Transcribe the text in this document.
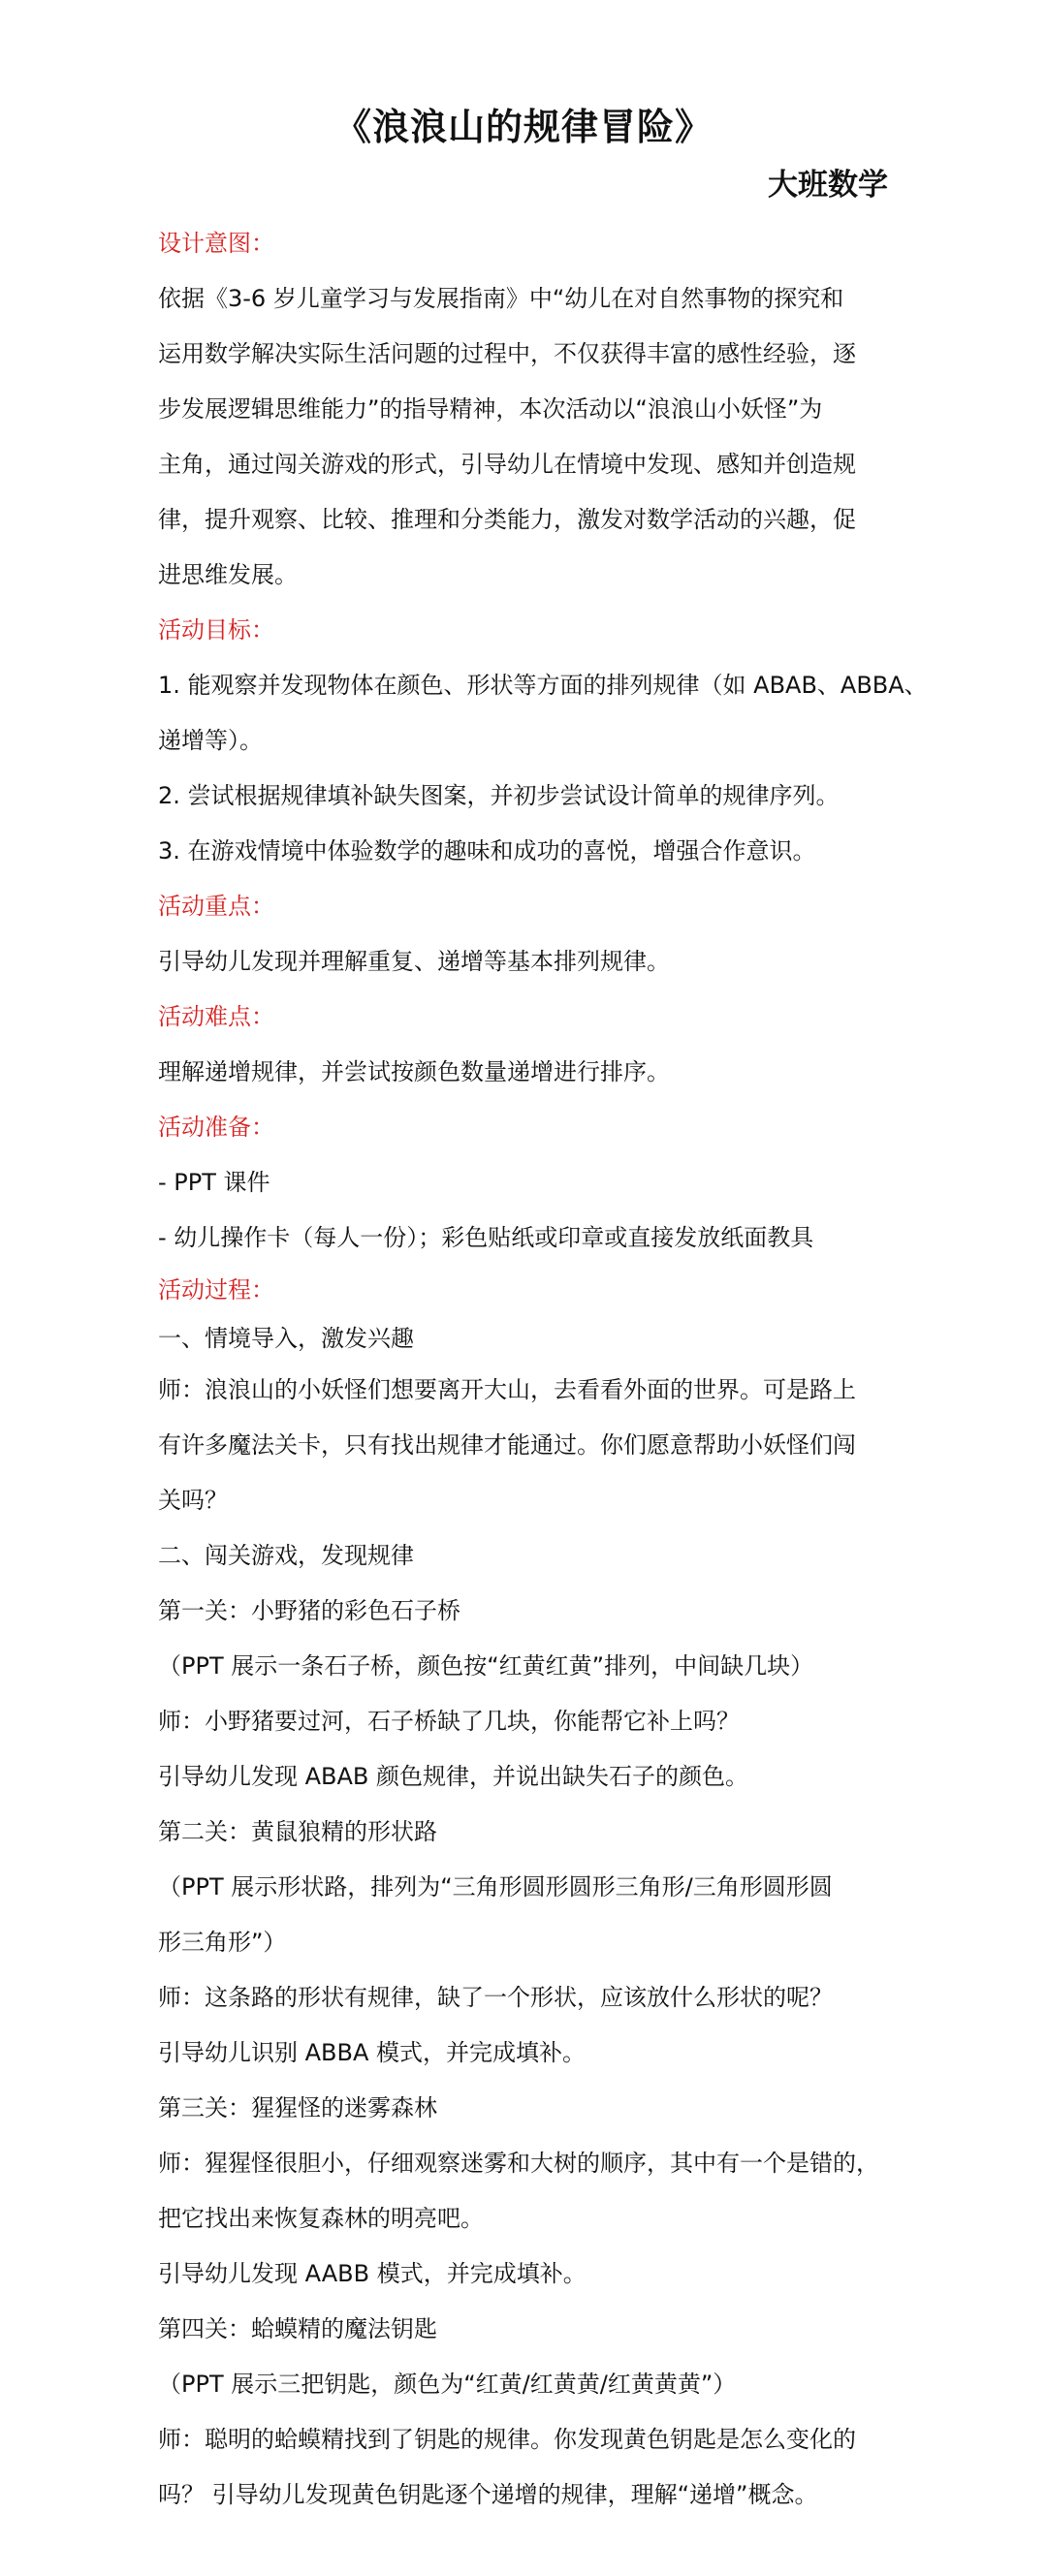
《浪浪山的规律冒险》
大班数学

设计意图：

依据《3-6 岁儿童学习与发展指南》中“幼儿在对自然事物的探究和

运用数学解决实际生活问题的过程中，不仅获得丰富的感性经验，逐

步发展逻辑思维能力”的指导精神，本次活动以“浪浪山小妖怪”为

主角，通过闯关游戏的形式，引导幼儿在情境中发现、感知并创造规

律，提升观察、比较、推理和分类能力，激发对数学活动的兴趣，促

进思维发展。

活动目标：

1. 能观察并发现物体在颜色、形状等方面的排列规律（如 ABAB、ABBA、

递增等）。

2. 尝试根据规律填补缺失图案，并初步尝试设计简单的规律序列。

3. 在游戏情境中体验数学的趣味和成功的喜悦，增强合作意识。

活动重点：

引导幼儿发现并理解重复、递增等基本排列规律。

活动难点：

理解递增规律，并尝试按颜色数量递增进行排序。

活动准备：

- PPT 课件

- 幼儿操作卡（每人一份）；彩色贴纸或印章或直接发放纸面教具

活动过程：

一、情境导入，激发兴趣

师：浪浪山的小妖怪们想要离开大山，去看看外面的世界。可是路上

有许多魔法关卡，只有找出规律才能通过。你们愿意帮助小妖怪们闯

关吗？

二、闯关游戏，发现规律

第一关：小野猪的彩色石子桥

（PPT 展示一条石子桥，颜色按“红黄红黄”排列，中间缺几块）

师：小野猪要过河，石子桥缺了几块，你能帮它补上吗？

引导幼儿发现 ABAB 颜色规律，并说出缺失石子的颜色。

第二关：黄鼠狼精的形状路

（PPT 展示形状路，排列为“三角形圆形圆形三角形/三角形圆形圆

形三角形”）

师：这条路的形状有规律，缺了一个形状，应该放什么形状的呢？

引导幼儿识别 ABBA 模式，并完成填补。

第三关：猩猩怪的迷雾森林

师：猩猩怪很胆小，仔细观察迷雾和大树的顺序，其中有一个是错的，

把它找出来恢复森林的明亮吧。

引导幼儿发现 AABB 模式，并完成填补。

第四关：蛤蟆精的魔法钥匙

（PPT 展示三把钥匙，颜色为“红黄/红黄黄/红黄黄黄”）

师：聪明的蛤蟆精找到了钥匙的规律。你发现黄色钥匙是怎么变化的

吗？ 引导幼儿发现黄色钥匙逐个递增的规律，理解“递增”概念。
